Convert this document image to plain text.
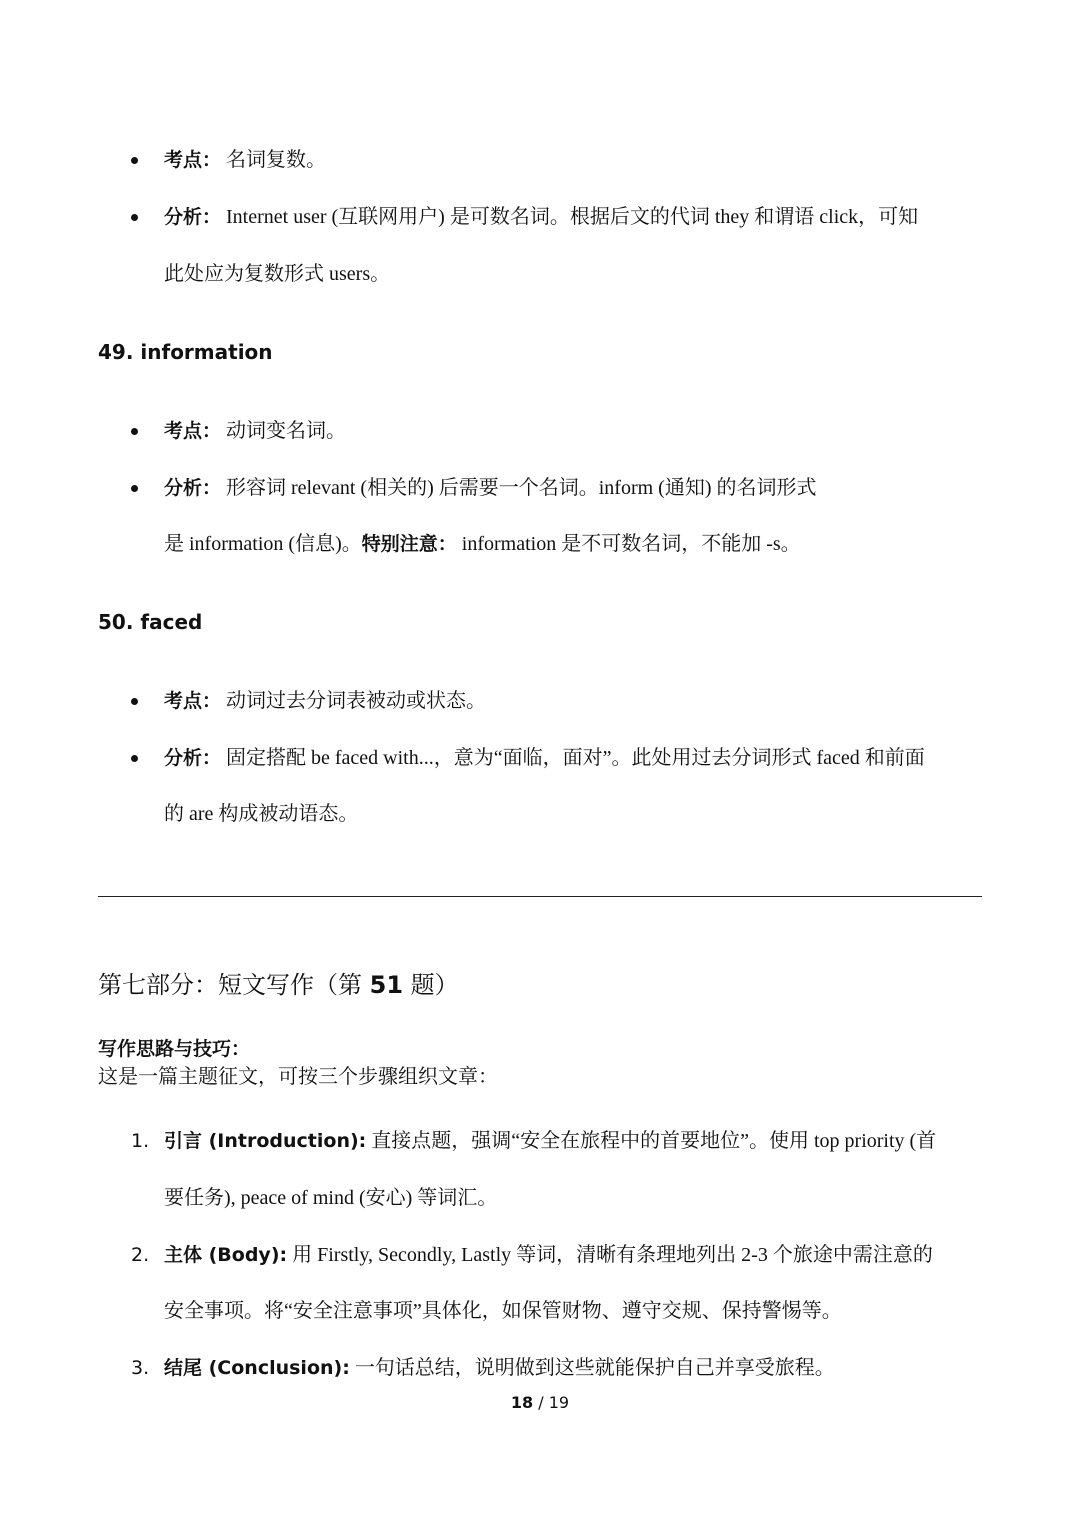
考点： 名词复数。
分析： Internet user (互联网用户) 是可数名词。根据后文的代词 they 和谓语 click，可知
此处应为复数形式 users。
49. information
考点： 动词变名词。
分析： 形容词 relevant (相关的) 后需要一个名词。inform (通知) 的名词形式
是 information (信息)。特别注意： information 是不可数名词，不能加 -s。
50. faced
考点： 动词过去分词表被动或状态。
分析： 固定搭配 be faced with...，意为“面临，面对”。此处用过去分词形式 faced 和前面
的 are 构成被动语态。
第七部分：短文写作（第 51 题）
写作思路与技巧：
这是一篇主题征文，可按三个步骤组织文章：
1. 引言 (Introduction): 直接点题，强调“安全在旅程中的首要地位”。使用 top priority (首
要任务), peace of mind (安心) 等词汇。
2. 主体 (Body): 用 Firstly, Secondly, Lastly 等词，清晰有条理地列出 2-3 个旅途中需注意的
安全事项。将“安全注意事项”具体化，如保管财物、遵守交规、保持警惕等。
3. 结尾 (Conclusion): 一句话总结，说明做到这些就能保护自己并享受旅程。
18 / 19
